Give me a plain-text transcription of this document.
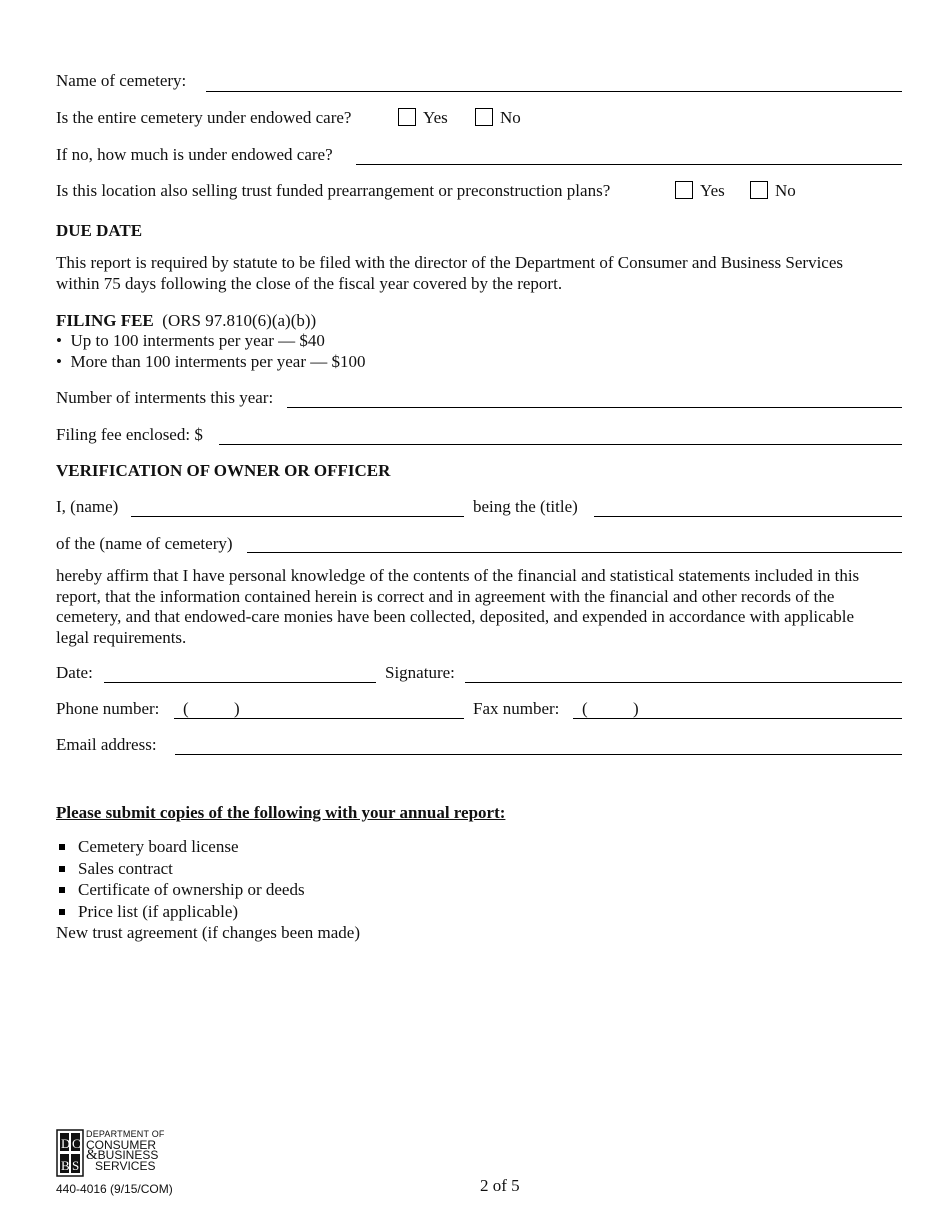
Name of cemetery:
Is the entire cemetery under endowed care?	Yes	No
If no, how much is under endowed care?
Is this location also selling trust funded prearrangement or preconstruction plans?	Yes	No
DUE DATE
This report is required by statute to be filed with the director of the Department of Consumer and Business Services within 75 days following the close of the fiscal year covered by the report.
FILING FEE (ORS 97.810(6)(a)(b))
•  Up to 100 interments per year — $40
•  More than 100 interments per year — $100
Number of interments this year:
Filing fee enclosed: $
VERIFICATION OF OWNER OR OFFICER
I, (name)	being the (title)
of the (name of cemetery)
hereby affirm that I have personal knowledge of the contents of the financial and statistical statements included in this report, that the information contained herein is correct and in agreement with the financial and other records of the cemetery, and that endowed-care monies have been collected, deposited, and expended in accordance with applicable legal requirements.
Date:	Signature:
Phone number: (	)	Fax number: (	)
Email address:
Please submit copies of the following with your annual report:
Cemetery board license
Sales contract
Certificate of ownership or deeds
Price list (if applicable)
New trust agreement (if changes been made)
D C
B S
DEPARTMENT OF
CONSUMER
&BUSINESS
SERVICES
440-4016 (9/15/COM)	2 of 5
